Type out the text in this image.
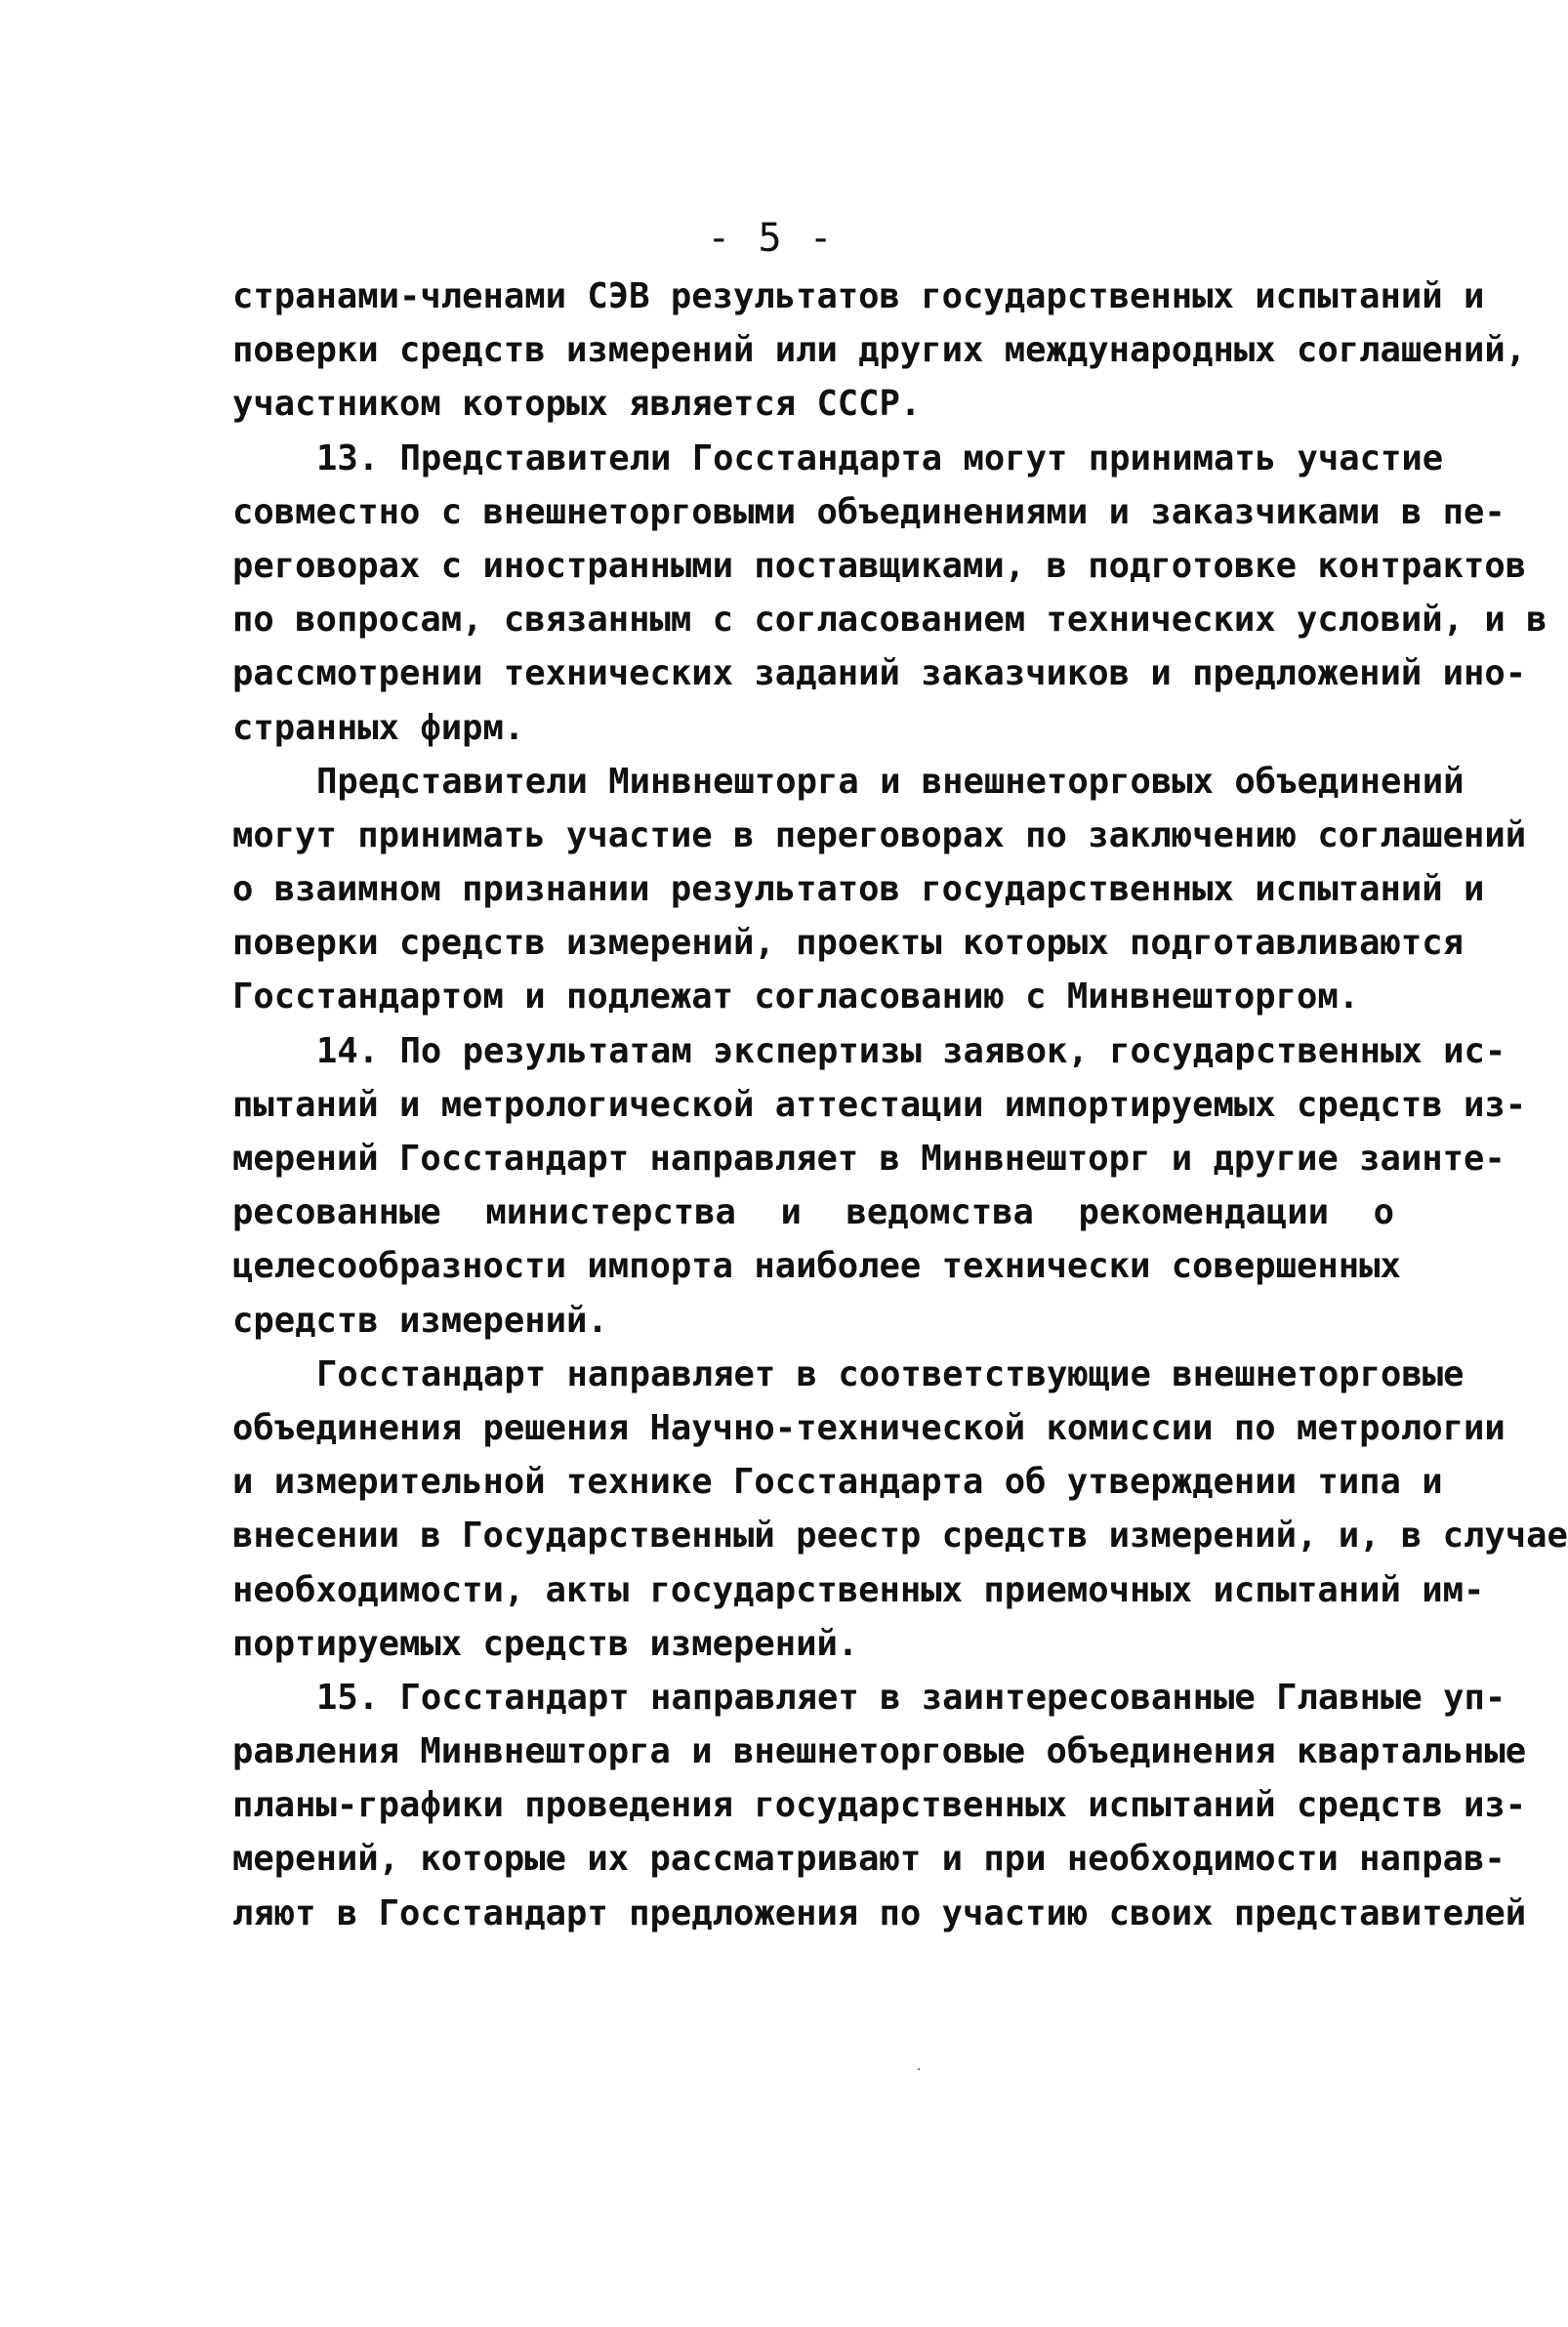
- 5 -
странами-членами СЭВ результатов государственных испытаний и
поверки средств измерений или других международных соглашений,
участником которых является СССР.
13. Представители Госстандарта могут принимать участие
совместно с внешнеторговыми объединениями и заказчиками в пе-
реговорах с иностранными поставщиками, в подготовке контрактов
по вопросам, связанным с согласованием технических условий, и в
рассмотрении технических заданий заказчиков и предложений ино-
странных фирм.
Представители Минвнешторга и внешнеторговых объединений
могут принимать участие в переговорах по заключению соглашений
о взаимном признании результатов государственных испытаний и
поверки средств измерений, проекты которых подготавливаются
Госстандартом и подлежат согласованию с Минвнешторгом.
14. По результатам экспертизы заявок, государственных ис-
пытаний и метрологической аттестации импортируемых средств из-
мерений Госстандарт направляет в Минвнешторг и другие заинте-
ресованные министерства и ведомства рекомендации о
целесообразности импорта наиболее технически совершенных
средств измерений.
Госстандарт направляет в соответствующие внешнеторговые
объединения решения Научно-технической комиссии по метрологии
и измерительной технике Госстандарта об утверждении типа и
внесении в Государственный реестр средств измерений, и, в случае
необходимости, акты государственных приемочных испытаний им-
портируемых средств измерений.
15. Госстандарт направляет в заинтересованные Главные уп-
равления Минвнешторга и внешнеторговые объединения квартальные
планы-графики проведения государственных испытаний средств из-
мерений, которые их рассматривают и при необходимости направ-
ляют в Госстандарт предложения по участию своих представителей
